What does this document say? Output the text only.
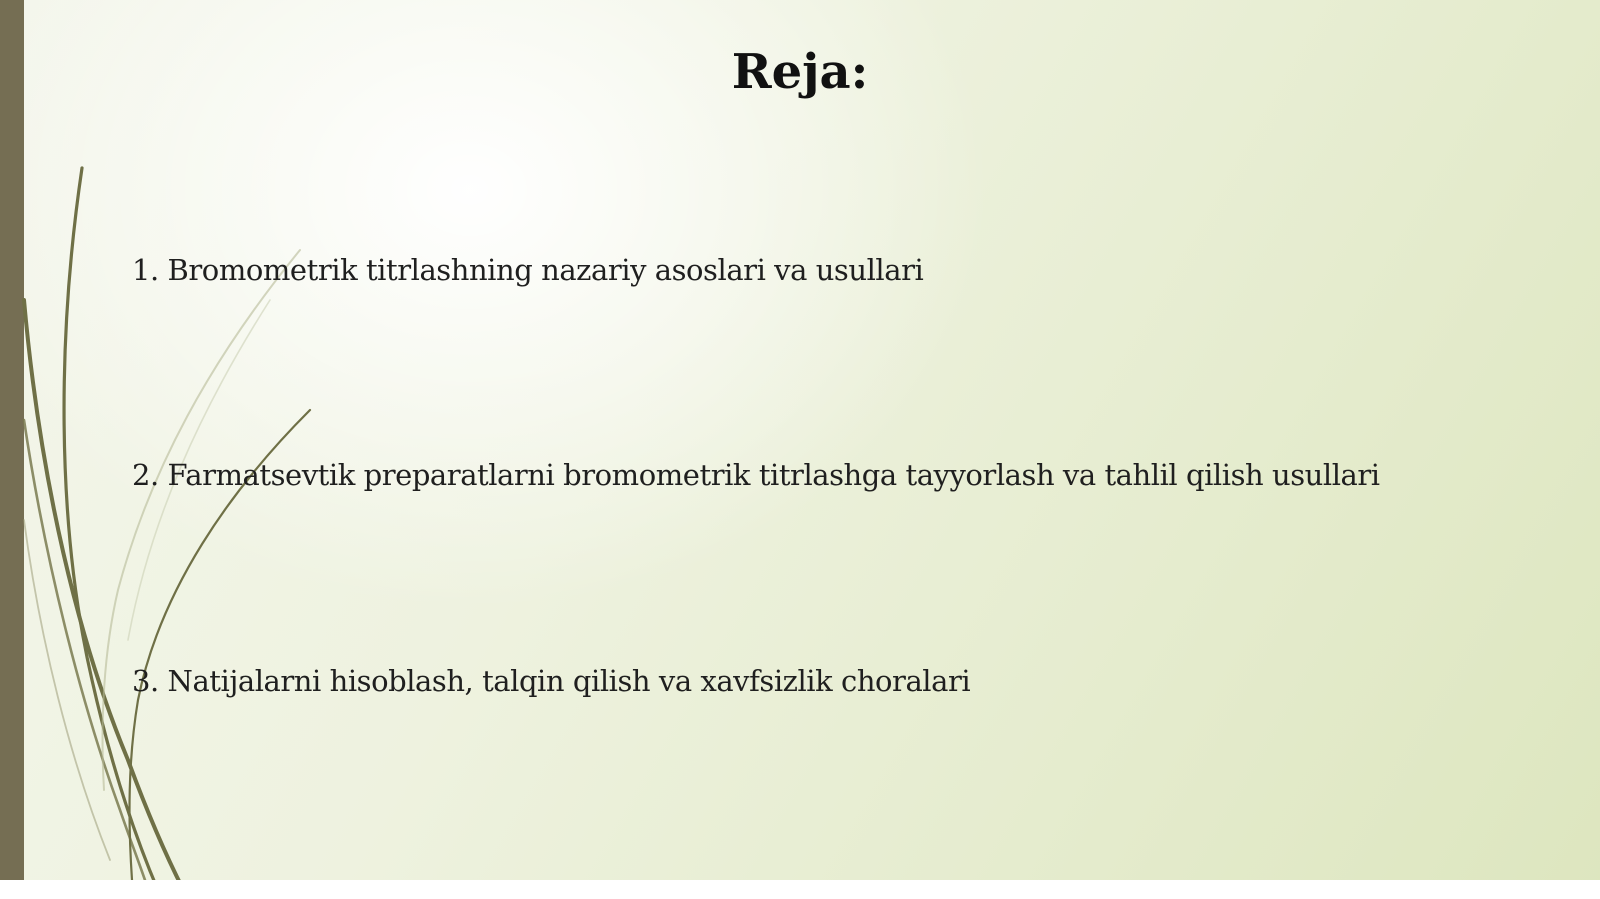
Reja:

1. Bromometrik titrlashning nazariy asoslari va usullari

2. Farmatsevtik preparatlarni bromometrik titrlashga tayyorlash va tahlil qilish usullari

3. Natijalarni hisoblash, talqin qilish va xavfsizlik choralari
